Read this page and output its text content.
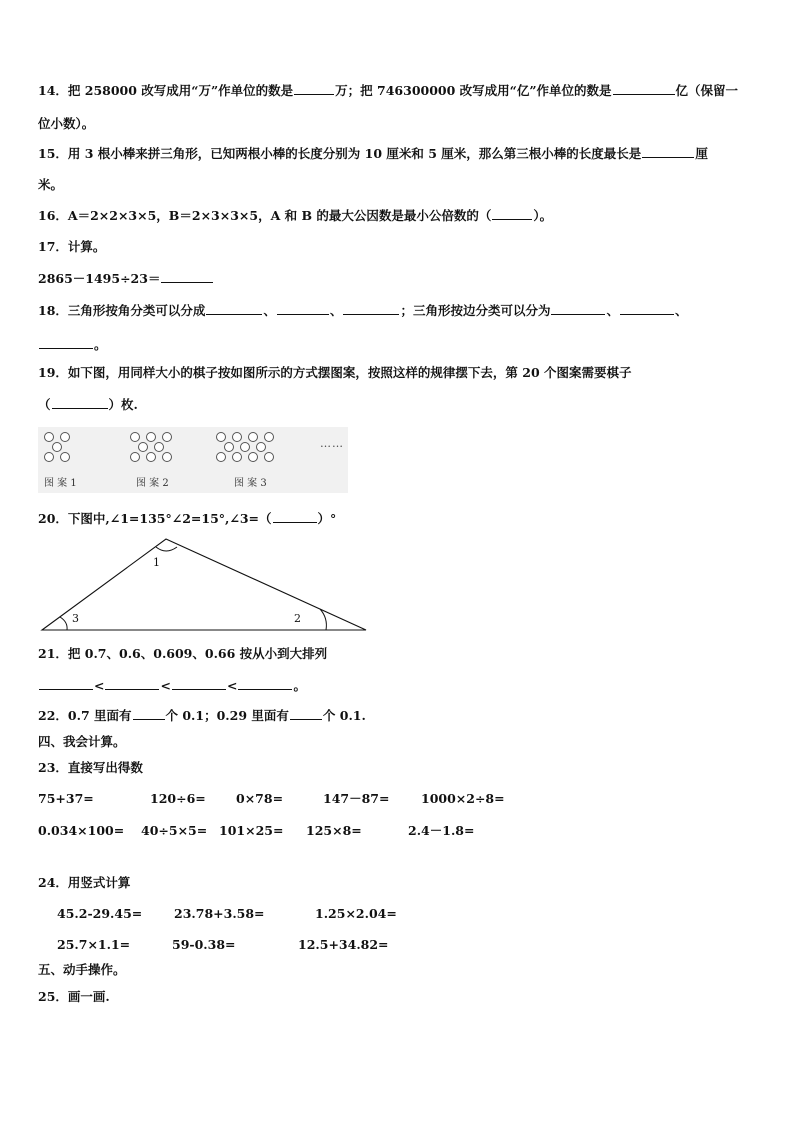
14．把 258000 改写成用“万”作单位的数是	万；把 746300000 改写成用“亿”作单位的数是	亿（保留一
位小数）。
15．用 3 根小棒来拼三角形，已知两根小棒的长度分别为 10 厘米和 5 厘米，那么第三根小棒的长度最长是	厘
米。
16．A＝2×2×3×5，B＝2×3×3×5，A 和 B 的最大公因数是最小公倍数的（	）。
17．计算。
2865－1495÷23＝
18．三角形按角分类可以分成	、	、	；三角形按边分类可以分为	、	、
。
19．如下图，用同样大小的棋子按如图所示的方式摆图案，按照这样的规律摆下去，第 20 个图案需要棋子
（	）枚.
……
图 案 1	图 案 2	图 案 3
20．下图中,∠1=135°∠2=15°,∠3=（	）°
1
2
3
21．把 0.7、0.6、0.609、0.66 按从小到大排列
<	<	<	。
22．0.7 里面有	个 0.1；0.29 里面有	个 0.1.
四、我会计算。
23．直接写出得数
75+37=	120÷6= 0×78=	147－87=	1000×2÷8=
0.034×100= 40÷5×5= 101×25= 125×8=	2.4－1.8=
24．用竖式计算
45.2-29.45=	23.78+3.58=	1.25×2.04=
25.7×1.1=	59-0.38=	12.5+34.82=
五、动手操作。
25．画一画.
